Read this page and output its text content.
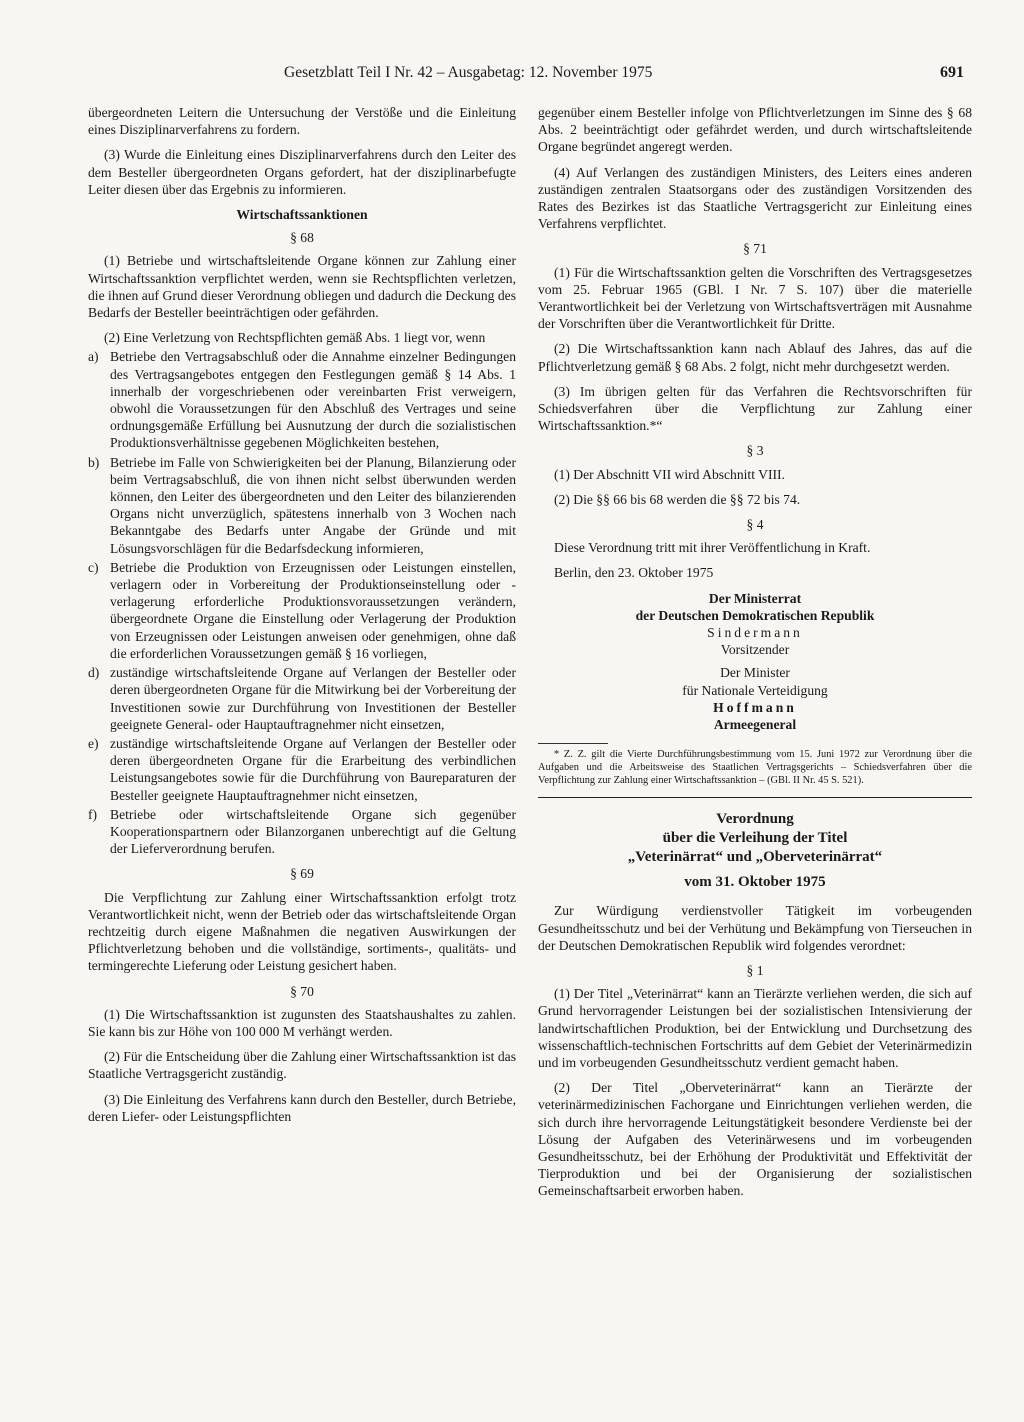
Gesetzblatt Teil I Nr. 42 – Ausgabetag: 12. November 1975	691

übergeordneten Leitern die Untersuchung der Verstöße und die Einleitung eines Disziplinarverfahrens zu fordern.

(3) Wurde die Einleitung eines Disziplinarverfahrens durch den Leiter des dem Besteller übergeordneten Organs gefordert, hat der disziplinarbefugte Leiter diesen über das Ergebnis zu informieren.

Wirtschaftssanktionen
§ 68

(1) Betriebe und wirtschaftsleitende Organe können zur Zahlung einer Wirtschaftssanktion verpflichtet werden, wenn sie Rechtspflichten verletzen, die ihnen auf Grund dieser Verordnung obliegen und dadurch die Deckung des Bedarfs der Besteller beeinträchtigen oder gefährden.

(2) Eine Verletzung von Rechtspflichten gemäß Abs. 1 liegt vor, wenn

a) Betriebe den Vertragsabschluß oder die Annahme einzelner Bedingungen des Vertragsangebotes entgegen den Festlegungen gemäß § 14 Abs. 1 innerhalb der vorgeschriebenen oder vereinbarten Frist verweigern, obwohl die Voraussetzungen für den Abschluß des Vertrages und seine ordnungsgemäße Erfüllung bei Ausnutzung der durch die sozialistischen Produktionsverhältnisse gegebenen Möglichkeiten bestehen,
b) Betriebe im Falle von Schwierigkeiten bei der Planung, Bilanzierung oder beim Vertragsabschluß, die von ihnen nicht selbst überwunden werden können, den Leiter des übergeordneten und den Leiter des bilanzierenden Organs nicht unverzüglich, spätestens innerhalb von 3 Wochen nach Bekanntgabe des Bedarfs unter Angabe der Gründe und mit Lösungsvorschlägen für die Bedarfsdeckung informieren,
c) Betriebe die Produktion von Erzeugnissen oder Leistungen einstellen, verlagern oder in Vorbereitung der Produktionseinstellung oder -verlagerung erforderliche Produktionsvoraussetzungen verändern, übergeordnete Organe die Einstellung oder Verlagerung der Produktion von Erzeugnissen oder Leistungen anweisen oder genehmigen, ohne daß die erforderlichen Voraussetzungen gemäß § 16 vorliegen,
d) zuständige wirtschaftsleitende Organe auf Verlangen der Besteller oder deren übergeordneten Organe für die Mitwirkung bei der Vorbereitung der Investitionen sowie zur Durchführung von Investitionen der Besteller geeignete General- oder Hauptauftragnehmer nicht einsetzen,
e) zuständige wirtschaftsleitende Organe auf Verlangen der Besteller oder deren übergeordneten Organe für die Erarbeitung des verbindlichen Leistungsangebotes sowie für die Durchführung von Baureparaturen der Besteller geeignete Hauptauftragnehmer nicht einsetzen,
f) Betriebe oder wirtschaftsleitende Organe sich gegenüber Kooperationspartnern oder Bilanzorganen unberechtigt auf die Geltung der Lieferverordnung berufen.
§ 69

Die Verpflichtung zur Zahlung einer Wirtschaftssanktion erfolgt trotz Verantwortlichkeit nicht, wenn der Betrieb oder das wirtschaftsleitende Organ rechtzeitig durch eigene Maßnahmen die negativen Auswirkungen der Pflichtverletzung behoben und die vollständige, sortiments-, qualitäts- und termingerechte Lieferung oder Leistung gesichert haben.

§ 70

(1) Die Wirtschaftssanktion ist zugunsten des Staatshaushaltes zu zahlen. Sie kann bis zur Höhe von 100 000 M verhängt werden.

(2) Für die Entscheidung über die Zahlung einer Wirtschaftssanktion ist das Staatliche Vertragsgericht zuständig.

(3) Die Einleitung des Verfahrens kann durch den Besteller, durch Betriebe, deren Liefer- oder Leistungspflichten

gegenüber einem Besteller infolge von Pflichtverletzungen im Sinne des § 68 Abs. 2 beeinträchtigt oder gefährdet werden, und durch wirtschaftsleitende Organe begründet angeregt werden.

(4) Auf Verlangen des zuständigen Ministers, des Leiters eines anderen zuständigen zentralen Staatsorgans oder des zuständigen Vorsitzenden des Rates des Bezirkes ist das Staatliche Vertragsgericht zur Einleitung eines Verfahrens verpflichtet.

§ 71

(1) Für die Wirtschaftssanktion gelten die Vorschriften des Vertragsgesetzes vom 25. Februar 1965 (GBl. I Nr. 7 S. 107) über die materielle Verantwortlichkeit bei der Verletzung von Wirtschaftsverträgen mit Ausnahme der Vorschriften über die Verantwortlichkeit für Dritte.

(2) Die Wirtschaftssanktion kann nach Ablauf des Jahres, das auf die Pflichtverletzung gemäß § 68 Abs. 2 folgt, nicht mehr durchgesetzt werden.

(3) Im übrigen gelten für das Verfahren die Rechtsvorschriften für Schiedsverfahren über die Verpflichtung zur Zahlung einer Wirtschaftssanktion.*“

§ 3

(1) Der Abschnitt VII wird Abschnitt VIII.

(2) Die §§ 66 bis 68 werden die §§ 72 bis 74.

§ 4

Diese Verordnung tritt mit ihrer Veröffentlichung in Kraft.

Berlin, den 23. Oktober 1975

Der Ministerrat
der Deutschen Demokratischen Republik
Sindermann
Vorsitzender
Der Minister
für Nationale Verteidigung
Hoffmann
Armeegeneral

* Z. Z. gilt die Vierte Durchführungsbestimmung vom 15. Juni 1972 zur Verordnung über die Aufgaben und die Arbeitsweise des Staatlichen Vertragsgerichts – Schiedsverfahren über die Verpflichtung zur Zahlung einer Wirtschaftssanktion – (GBl. II Nr. 45 S. 521).

Verordnung
über die Verleihung der Titel
„Veterinärrat“ und „Oberveterinärrat“
vom 31. Oktober 1975

Zur Würdigung verdienstvoller Tätigkeit im vorbeugenden Gesundheitsschutz und bei der Verhütung und Bekämpfung von Tierseuchen in der Deutschen Demokratischen Republik wird folgendes verordnet:

§ 1

(1) Der Titel „Veterinärrat“ kann an Tierärzte verliehen werden, die sich auf Grund hervorragender Leistungen bei der sozialistischen Intensivierung der landwirtschaftlichen Produktion, bei der Entwicklung und Durchsetzung des wissenschaftlich-technischen Fortschritts auf dem Gebiet der Veterinärmedizin und im vorbeugenden Gesundheitsschutz verdient gemacht haben.

(2) Der Titel „Oberveterinärrat“ kann an Tierärzte der veterinärmedizinischen Fachorgane und Einrichtungen verliehen werden, die sich durch ihre hervorragende Leitungstätigkeit besondere Verdienste bei der Lösung der Aufgaben des Veterinärwesens und im vorbeugenden Gesundheitsschutz, bei der Erhöhung der Produktivität und Effektivität der Tierproduktion und bei der Organisierung der sozialistischen Gemeinschaftsarbeit erworben haben.
